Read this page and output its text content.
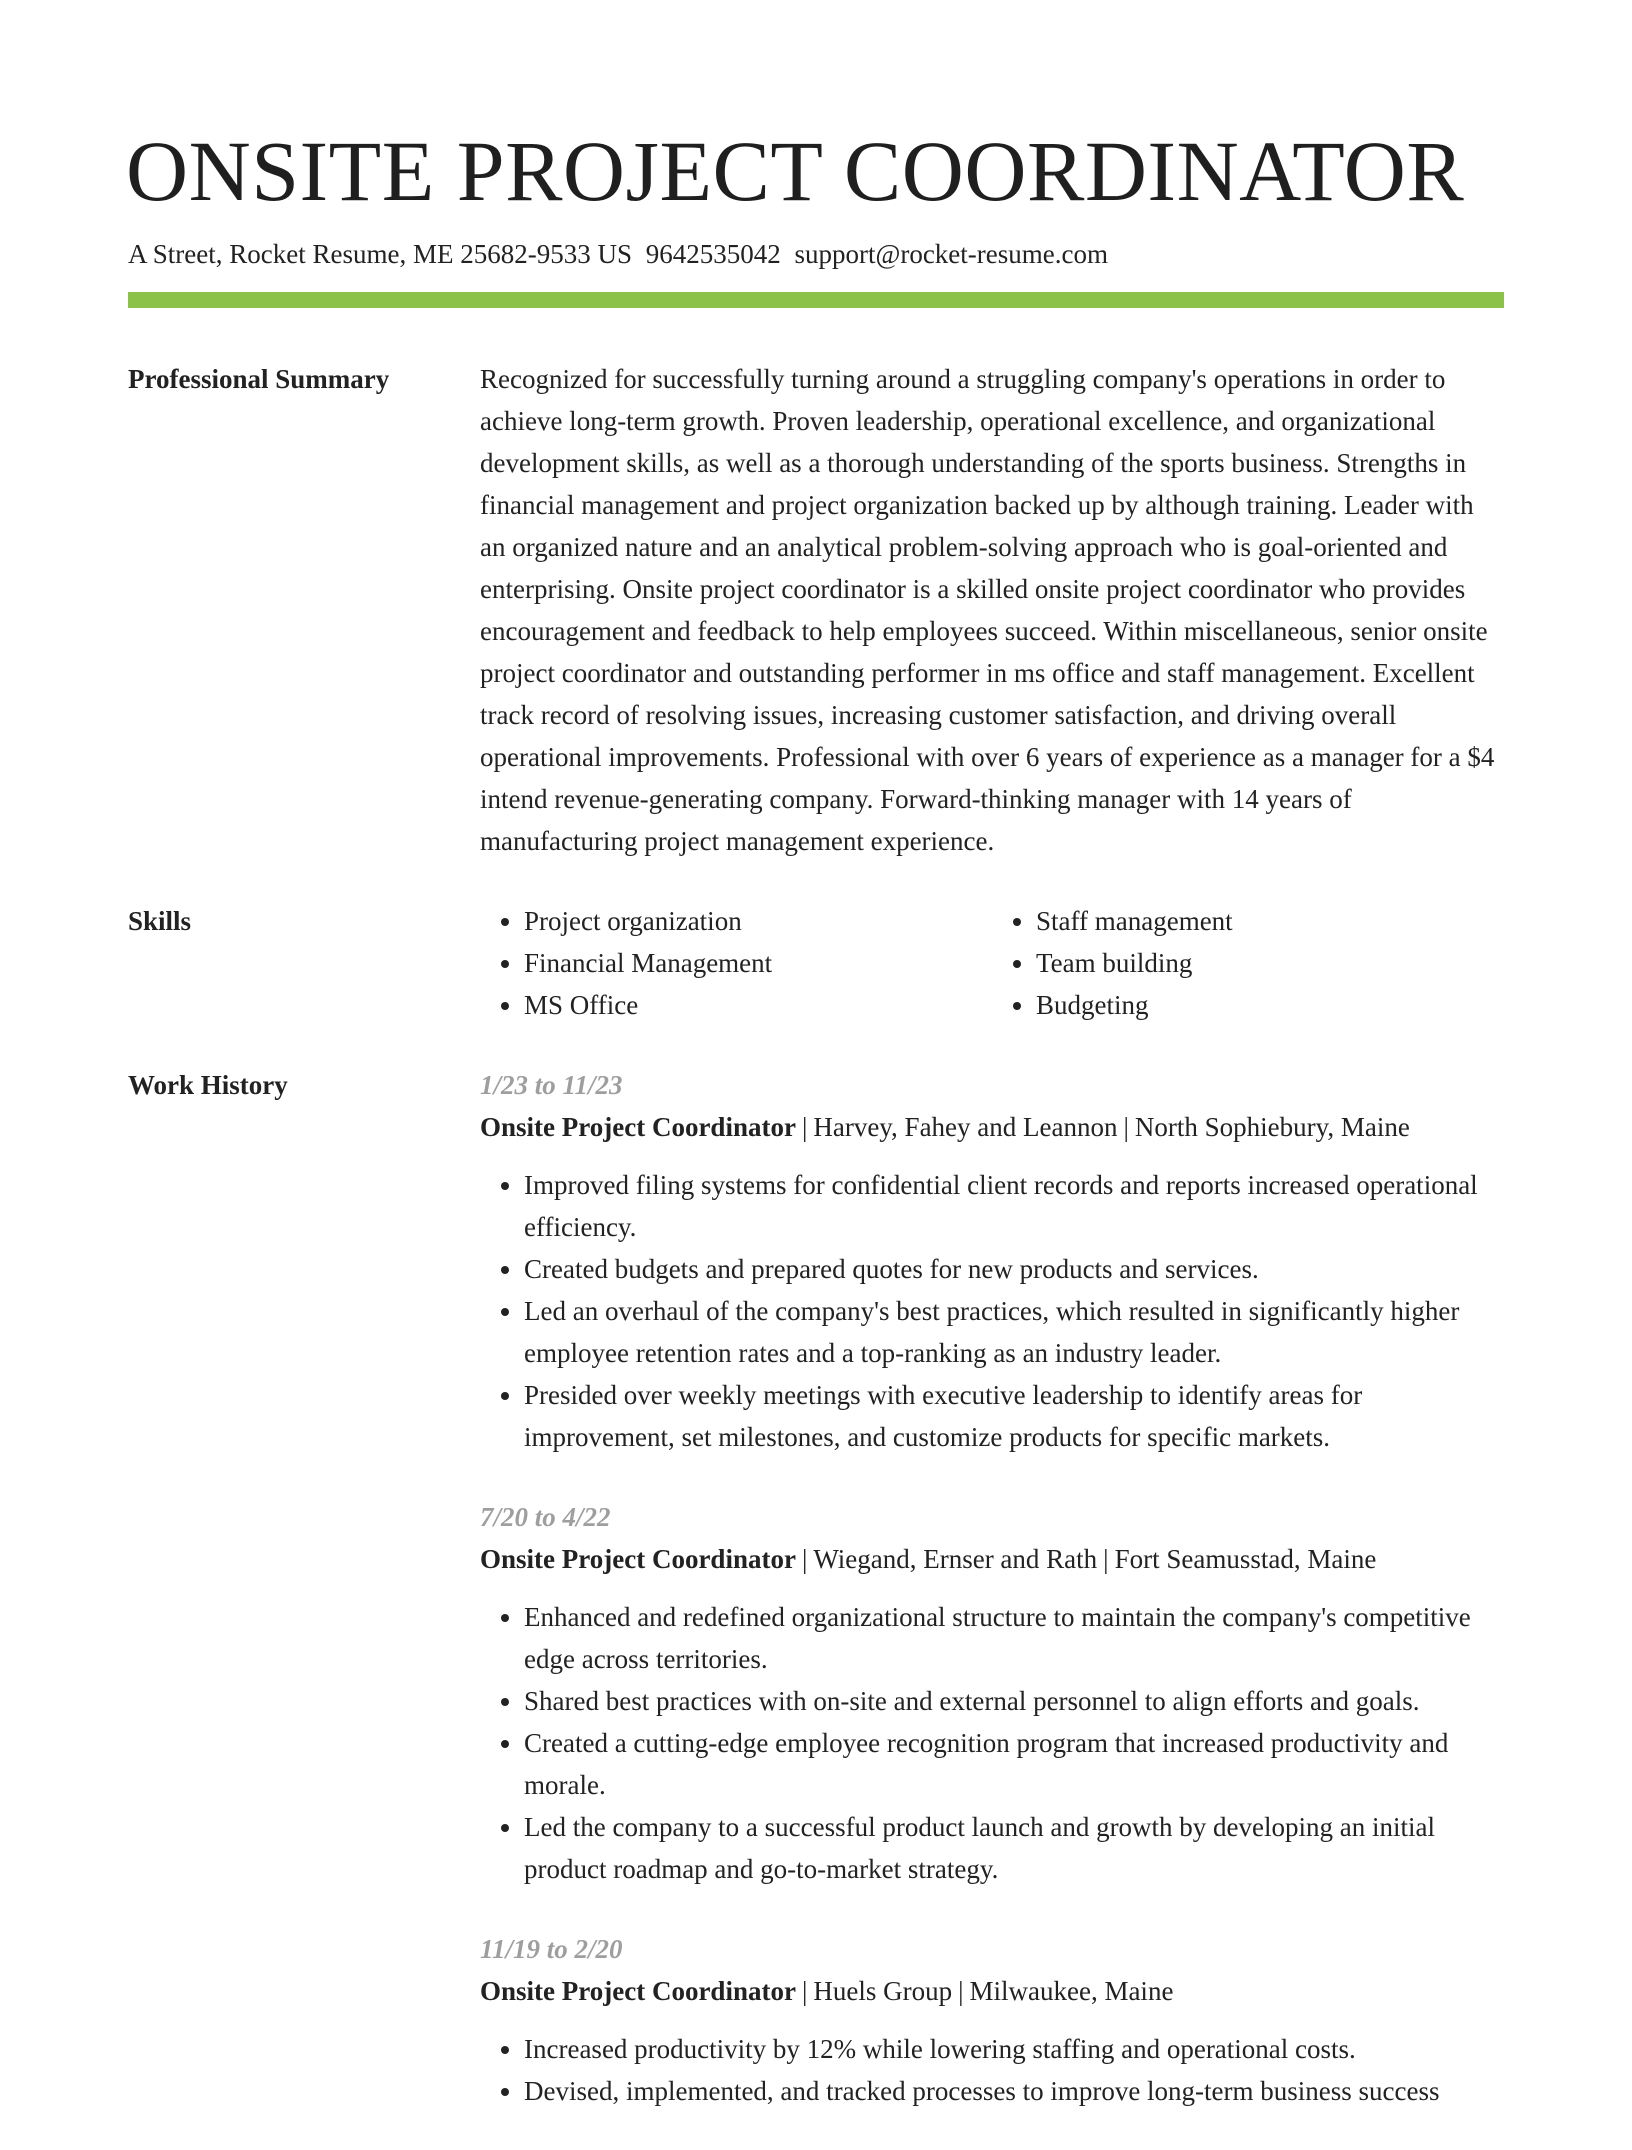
ONSITE PROJECT COORDINATOR
A Street, Rocket Resume, ME 25682-9533 US 9642535042 support@rocket-resume.com
Professional Summary	Recognized for successfully turning around a struggling company's operations in order to achieve long-term growth. Proven leadership, operational excellence, and organizational development skills, as well as a thorough understanding of the sports business. Strengths in financial management and project organization backed up by although training. Leader with an organized nature and an analytical problem-solving approach who is goal-oriented and enterprising. Onsite project coordinator is a skilled onsite project coordinator who provides encouragement and feedback to help employees succeed. Within miscellaneous, senior onsite project coordinator and outstanding performer in ms office and staff management. Excellent track record of resolving issues, increasing customer satisfaction, and driving overall operational improvements. Professional with over 6 years of experience as a manager for a $4 intend revenue-generating company. Forward-thinking manager with 14 years of manufacturing project management experience.

Skills
•	Project organization
• Financial Management
• MS Office
• Staff management
• Team building
• Budgeting
Work History	1/23 to 11/23
Onsite Project Coordinator | Harvey, Fahey and Leannon | North Sophiebury, Maine
• Improved filing systems for confidential client records and reports increased operational efficiency.
• Created budgets and prepared quotes for new products and services.
• Led an overhaul of the company's best practices, which resulted in significantly higher employee retention rates and a top-ranking as an industry leader.
• Presided over weekly meetings with executive leadership to identify areas for improvement, set milestones, and customize products for specific markets.
7/20 to 4/22
Onsite Project Coordinator | Wiegand, Ernser and Rath | Fort Seamusstad, Maine
• Enhanced and redefined organizational structure to maintain the company's competitive edge across territories.
• Shared best practices with on-site and external personnel to align efforts and goals.
• Created a cutting-edge employee recognition program that increased productivity and morale.
• Led the company to a successful product launch and growth by developing an initial product roadmap and go-to-market strategy.
11/19 to 2/20
Onsite Project Coordinator | Huels Group | Milwaukee, Maine
• Increased productivity by 12% while lowering staffing and operational costs.
• Devised, implemented, and tracked processes to improve long-term business success
